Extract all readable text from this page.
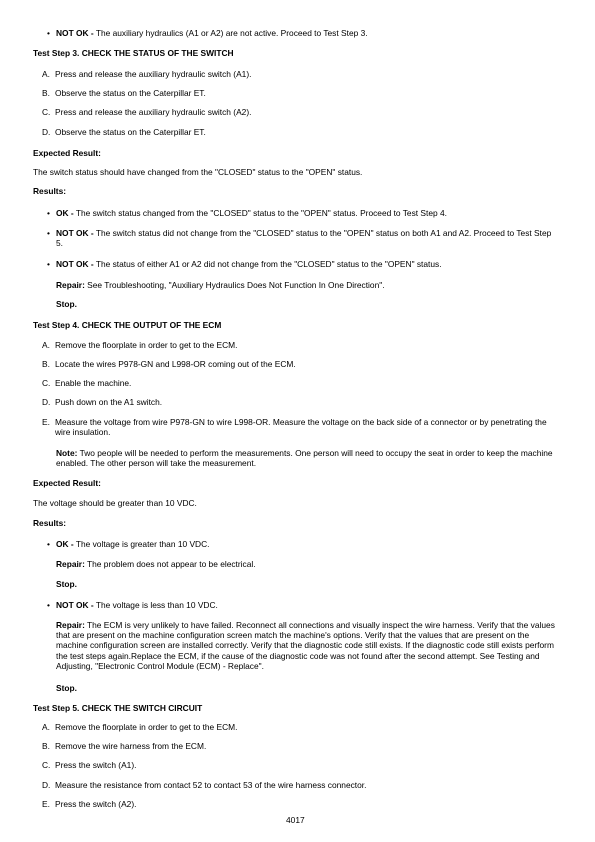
• NOT OK - The auxiliary hydraulics (A1 or A2) are not active. Proceed to Test Step 3.
Test Step 3. CHECK THE STATUS OF THE SWITCH
A. Press and release the auxiliary hydraulic switch (A1).
B. Observe the status on the Caterpillar ET.
C. Press and release the auxiliary hydraulic switch (A2).
D. Observe the status on the Caterpillar ET.
Expected Result:
The switch status should have changed from the "CLOSED" status to the "OPEN" status.
Results:
• OK - The switch status changed from the "CLOSED" status to the "OPEN" status. Proceed to Test Step 4.
• NOT OK - The switch status did not change from the "CLOSED" status to the "OPEN" status on both A1 and A2. Proceed to Test Step 5.
• NOT OK - The status of either A1 or A2 did not change from the "CLOSED" status to the "OPEN" status.
Repair: See Troubleshooting, "Auxiliary Hydraulics Does Not Function In One Direction".
Stop.
Test Step 4. CHECK THE OUTPUT OF THE ECM
A. Remove the floorplate in order to get to the ECM.
B. Locate the wires P978-GN and L998-OR coming out of the ECM.
C. Enable the machine.
D. Push down on the A1 switch.
E. Measure the voltage from wire P978-GN to wire L998-OR. Measure the voltage on the back side of a connector or by penetrating the wire insulation.
Note: Two people will be needed to perform the measurements. One person will need to occupy the seat in order to keep the machine enabled. The other person will take the measurement.
Expected Result:
The voltage should be greater than 10 VDC.
Results:
• OK - The voltage is greater than 10 VDC.
Repair: The problem does not appear to be electrical.
Stop.
• NOT OK - The voltage is less than 10 VDC.
Repair: The ECM is very unlikely to have failed. Reconnect all connections and visually inspect the wire harness. Verify that the values that are present on the machine configuration screen match the machine's options. Verify that the values that are present on the machine configuration screen are installed correctly. Verify that the diagnostic code still exists. If the diagnostic code still exists perform the test steps again.Replace the ECM, if the cause of the diagnostic code was not found after the second attempt. See Testing and Adjusting, "Electronic Control Module (ECM) - Replace".
Stop.
Test Step 5. CHECK THE SWITCH CIRCUIT
A. Remove the floorplate in order to get to the ECM.
B. Remove the wire harness from the ECM.
C. Press the switch (A1).
D. Measure the resistance from contact 52 to contact 53 of the wire harness connector.
E. Press the switch (A2).
4017
